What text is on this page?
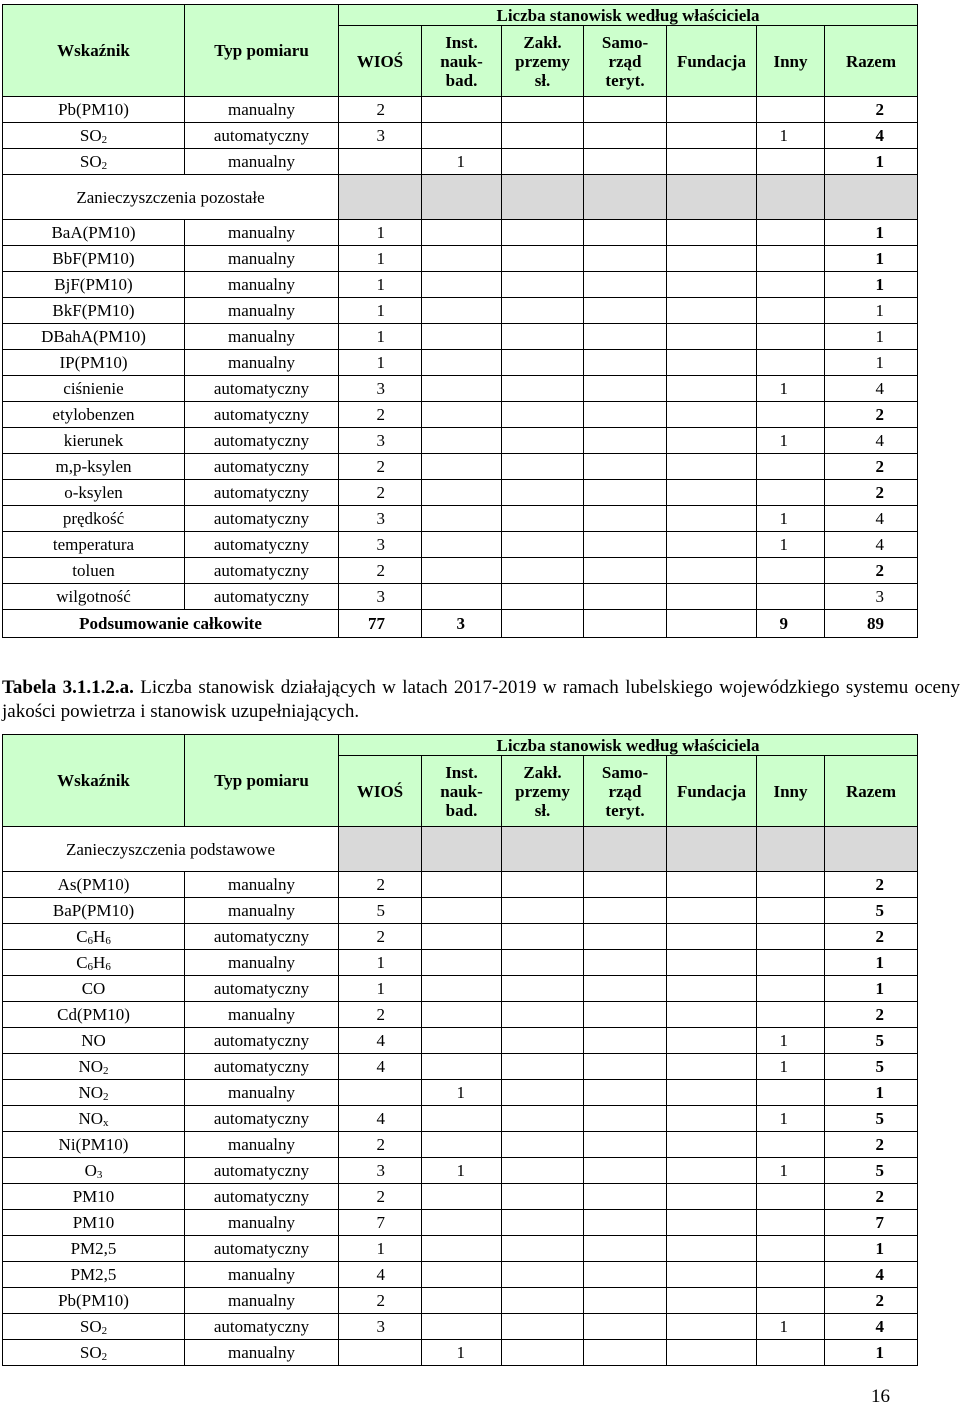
Wskaźnik	Typ pomiaru	Liczba stanowisk według właściciela						
		WIOŚ	Inst.
nauk-
bad.	Zakł.
przemy
sł.	Samo-
rząd
teryt.	Fundacja	Inny	Razem
Pb(PM10)	manualny	2						2
$SO_2$	automatyczny	3					1	4
$SO_2$	manualny		1					1
Zanieczyszczenia pozostałe								
BaA(PM10)	manualny	1						1
BbF(PM10)	manualny	1						1
BjF(PM10)	manualny	1						1
BkF(PM10)	manualny	1						1
DBahA(PM10)	manualny	1						1
IP(PM10)	manualny	1						1
ciśnienie	automatyczny	3					1	4
etylobenzen	automatyczny	2						2
kierunek	automatyczny	3					1	4
m,p-ksylen	automatyczny	2						2
o-ksylen	automatyczny	2						2
prędkość	automatyczny	3					1	4
temperatura	automatyczny	3					1	4
toluen	automatyczny	2						2
wilgotność	automatyczny	3						3
Podsumowanie całkowite		77	3				9	89
Tabela 3.1.1.2.a. Liczba stanowisk działających w latach 2017-2019 w ramach lubelskiego wojewódzkiego systemu oceny jakości powietrza i stanowisk uzupełniających.
Wskaźnik	Typ pomiaru	Liczba stanowisk według właściciela						
		WIOŚ	Inst.
nauk-
bad.	Zakł.
przemy
sł.	Samo-
rząd
teryt.	Fundacja	Inny	Razem
Zanieczyszczenia podstawowe								
As(PM10)	manualny	2						2
BaP(PM10)	manualny	5						5
$C_6H_6$	automatyczny	2						2
$C_6H_6$	manualny	1						1
CO	automatyczny	1						1
Cd(PM10)	manualny	2						2
NO	automatyczny	4					1	5
$NO_2$	automatyczny	4					1	5
$NO_2$	manualny		1					1
$NO_x$	automatyczny	4					1	5
Ni(PM10)	manualny	2						2
$O_3$	automatyczny	3	1				1	5
PM10	automatyczny	2						2
PM10	manualny	7						7
PM2,5	automatyczny	1						1
PM2,5	manualny	4						4
Pb(PM10)	manualny	2						2
$SO_2$	automatyczny	3					1	4
$SO_2$	manualny		1					1
16
